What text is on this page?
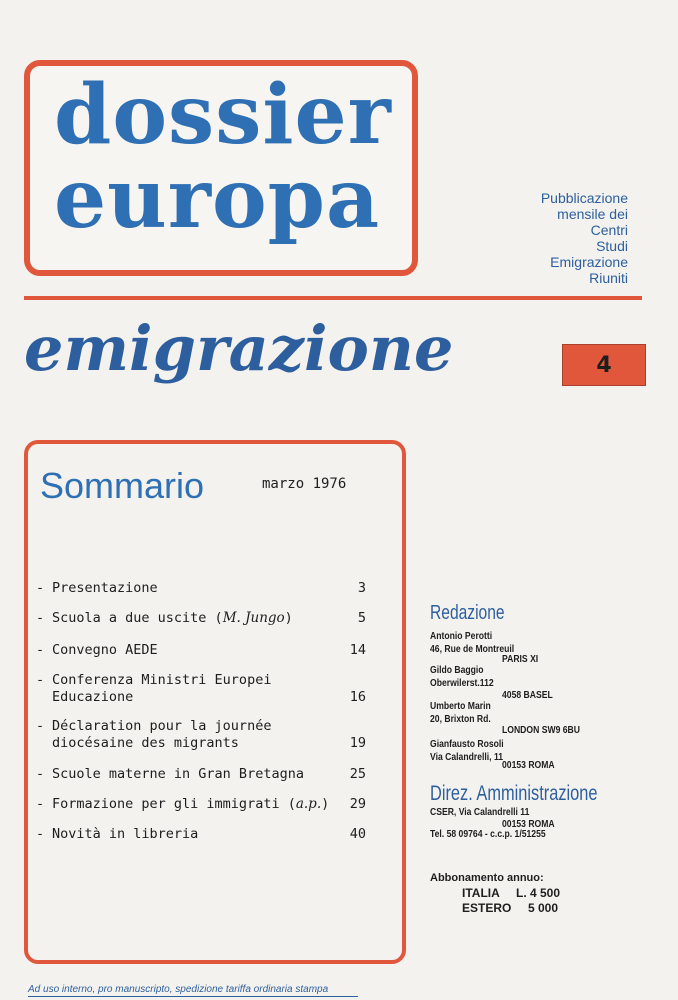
dossier
europa	Pubblicazione
mensile dei
Centri
Studi
Emigrazione
Riuniti
emigrazione	4
Sommario	marzo 1976
- Presentazione	3
- Scuola a due uscite (M. Jungo)	5
- Convegno AEDE	14
- Conferenza Ministri Europei
Educazione	16
- Déclaration pour la journée
diocésaine des migrants	19
- Scuole materne in Gran Bretagna	25
- Formazione per gli immigrati (a.p.)	29
- Novità in libreria	40
Redazione
Antonio Perotti
46, Rue de Montreuil
PARIS XI
Gildo Baggio
Oberwilerst.112
4058 BASEL
Umberto Marin
20, Brixton Rd.
LONDON SW9 6BU
Gianfausto Rosoli
Via Calandrelli, 11
00153 ROMA
Direz. Amministrazione
CSER, Via Calandrelli 11
00153 ROMA
Tel. 58 09764 - c.c.p. 1/51255
Abbonamento annuo:
ITALIA L. 4 500
ESTERO 5 000
Ad uso interno, pro manuscripto, spedizione tariffa ordinaria stampa
